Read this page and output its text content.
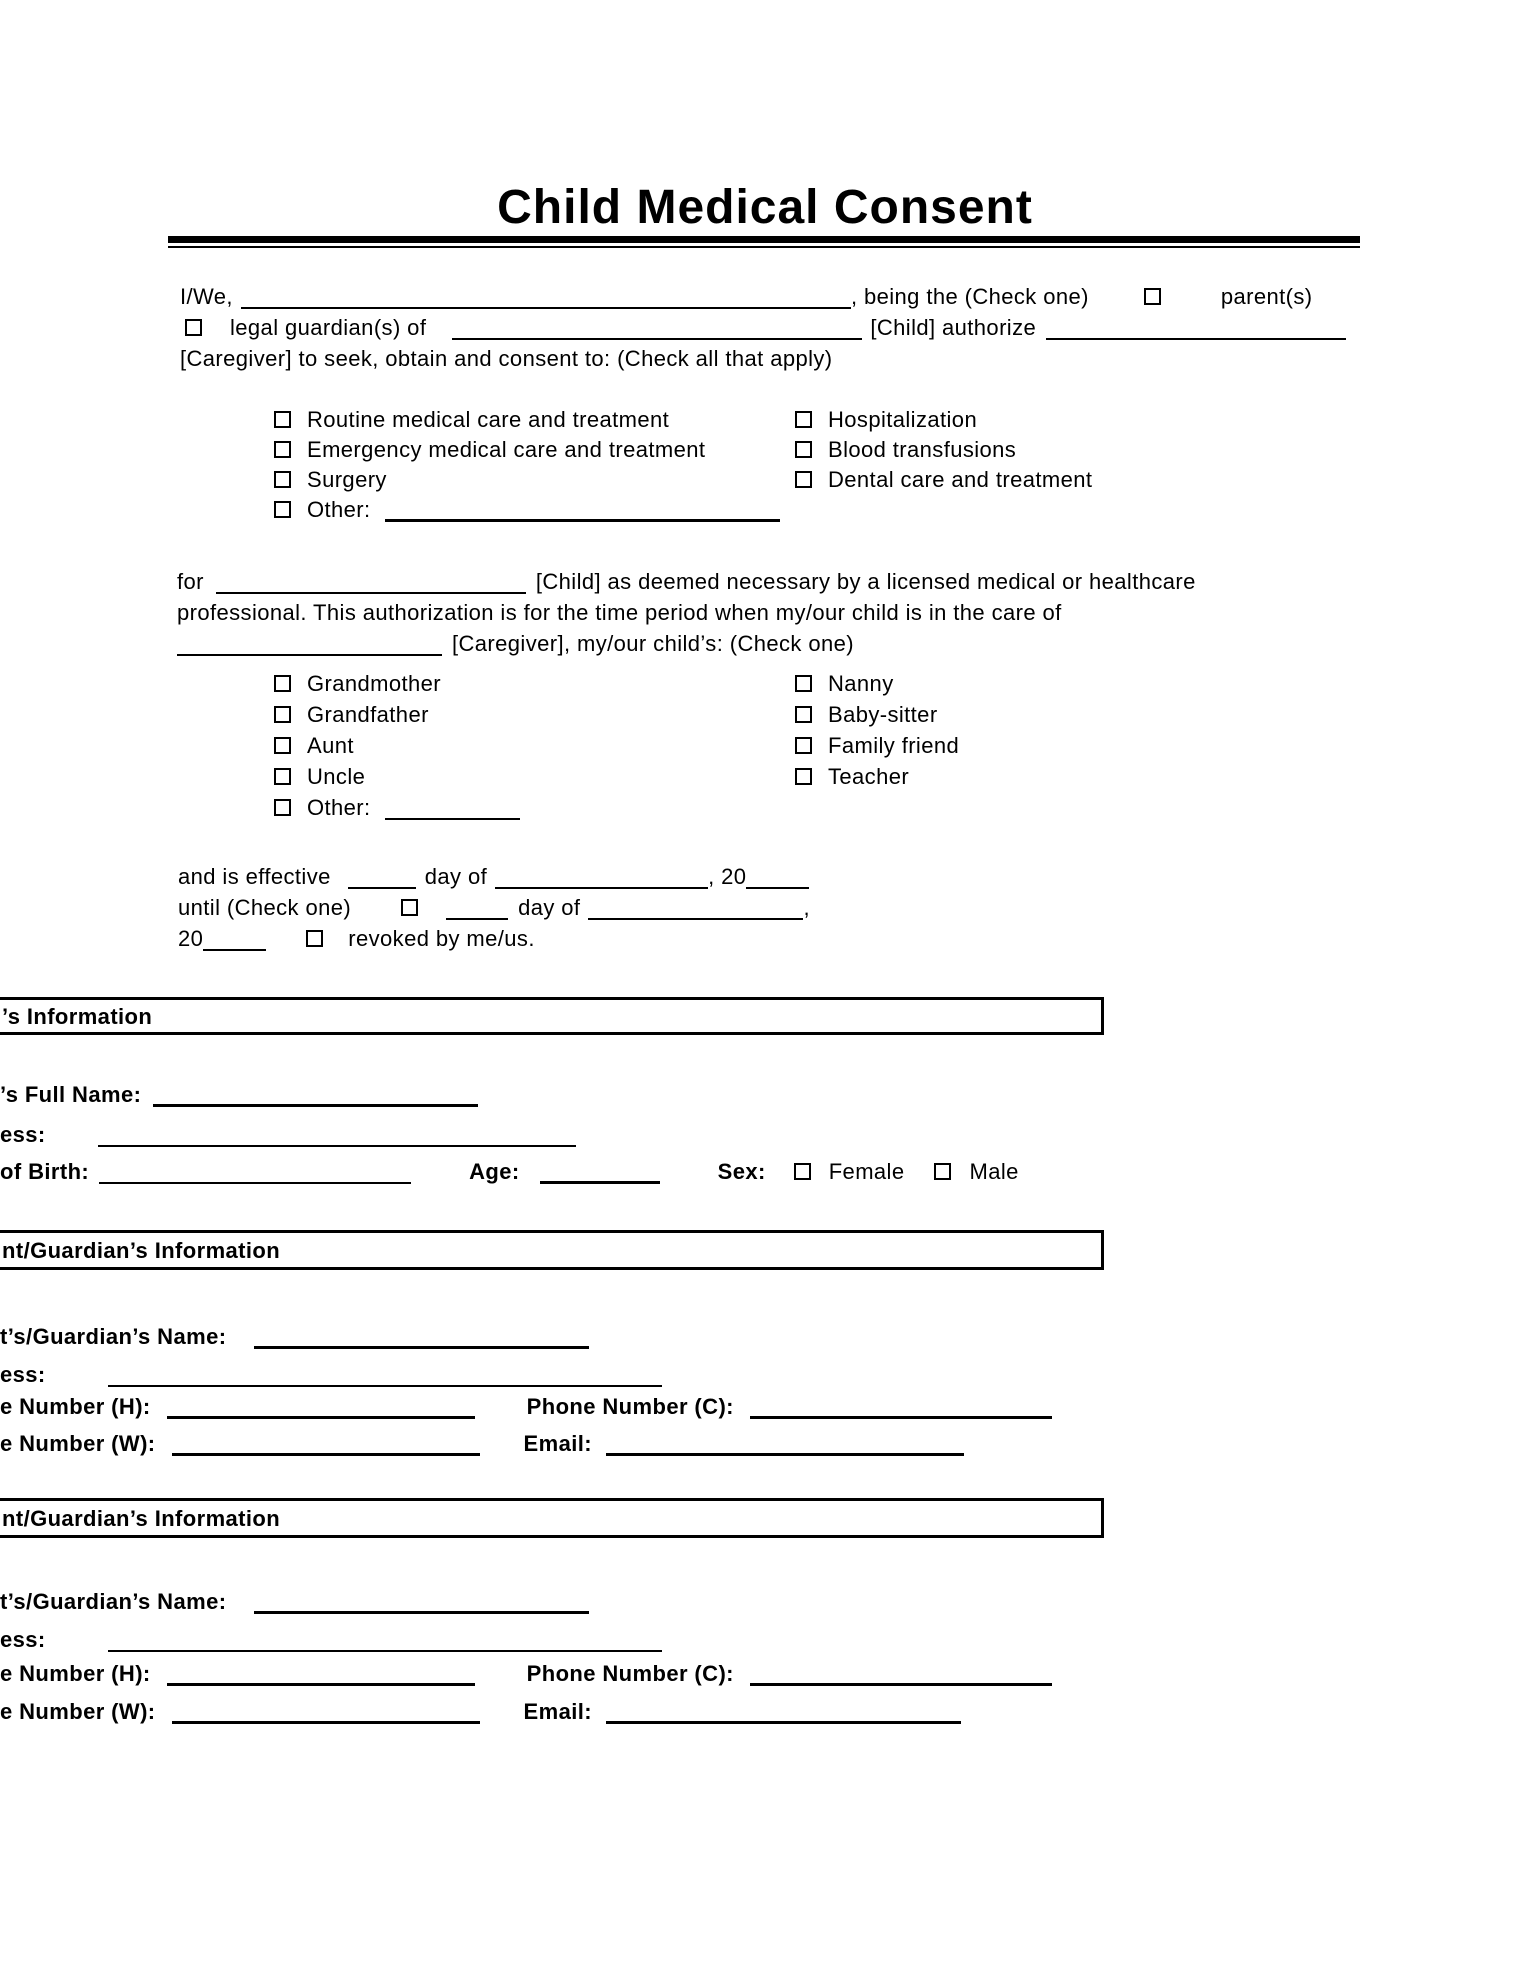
Child Medical Consent
I/We,	, being the (Check one)	parent(s)
legal guardian(s) of	[Child] authorize
[Caregiver] to seek, obtain and consent to: (Check all that apply)
Routine medical care and treatment
Emergency medical care and treatment
Surgery
Other:
Hospitalization
Blood transfusions
Dental care and treatment
for	[Child] as deemed necessary by a licensed medical or healthcare
professional. This authorization is for the time period when my/our child is in the care of
[Caregiver], my/our child’s: (Check one)
Grandmother
Grandfather
Aunt
Uncle
Other:
Nanny
Baby-sitter
Family friend
Teacher
and is effective	day of	, 20
until (Check one)	day of	,
20	revoked by me/us.
’s Information
’s Full Name:
ess:
of Birth:	Age:	Sex:	Female	Male
nt/Guardian’s Information
t’s/Guardian’s Name:
ess:
e Number (H):	Phone Number (C):
e Number (W):	Email:
nt/Guardian’s Information
t’s/Guardian’s Name:
ess:
e Number (H):	Phone Number (C):
e Number (W):	Email:
